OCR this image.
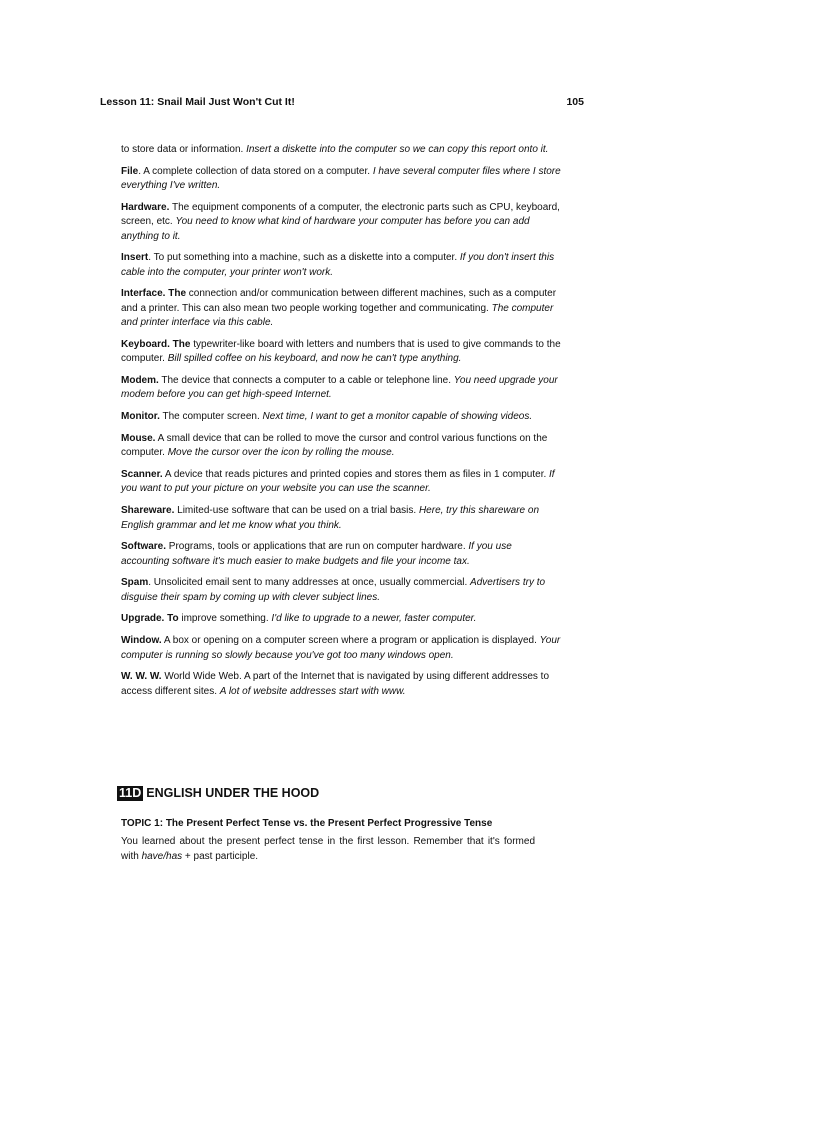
Lesson 11: Snail Mail Just Won't Cut It!	105

to store data or information. Insert a diskette into the computer so we can copy this report onto it.

File. A complete collection of data stored on a computer. I have several computer files where I store everything I've written.

Hardware. The equipment components of a computer, the electronic parts such as CPU, keyboard, screen, etc. You need to know what kind of hardware your computer has before you can add anything to it.

Insert. To put something into a machine, such as a diskette into a computer. If you don't insert this cable into the computer, your printer won't work.

Interface. The connection and/or communication between different machines, such as a computer and a printer. This can also mean two people working together and communicating. The computer and printer interface via this cable.

Keyboard. The typewriter-like board with letters and numbers that is used to give commands to the computer. Bill spilled coffee on his keyboard, and now he can't type anything.

Modem. The device that connects a computer to a cable or telephone line. You need upgrade your modem before you can get high-speed Internet.

Monitor. The computer screen. Next time, I want to get a monitor capable of showing videos.

Mouse. A small device that can be rolled to move the cursor and control various functions on the computer. Move the cursor over the icon by rolling the mouse.

Scanner. A device that reads pictures and printed copies and stores them as files in 1 computer. If you want to put your picture on your website you can use the scanner.

Shareware. Limited-use software that can be used on a trial basis. Here, try this shareware on English grammar and let me know what you think.

Software. Programs, tools or applications that are run on computer hardware. If you use accounting software it's much easier to make budgets and file your income tax.

Spam. Unsolicited email sent to many addresses at once, usually commercial. Advertisers try to disguise their spam by coming up with clever subject lines.

Upgrade. To improve something. I'd like to upgrade to a newer, faster computer.

Window. A box or opening on a computer screen where a program or application is displayed. Your computer is running so slowly because you've got too many windows open.

W. W. W. World Wide Web. A part of the Internet that is navigated by using different addresses to access different sites. A lot of website addresses start with www.

11D ENGLISH UNDER THE HOOD

TOPIC 1: The Present Perfect Tense vs. the Present Perfect Progressive Tense

You learned about the present perfect tense in the first lesson. Remember that it's formed with have/has + past participle.
